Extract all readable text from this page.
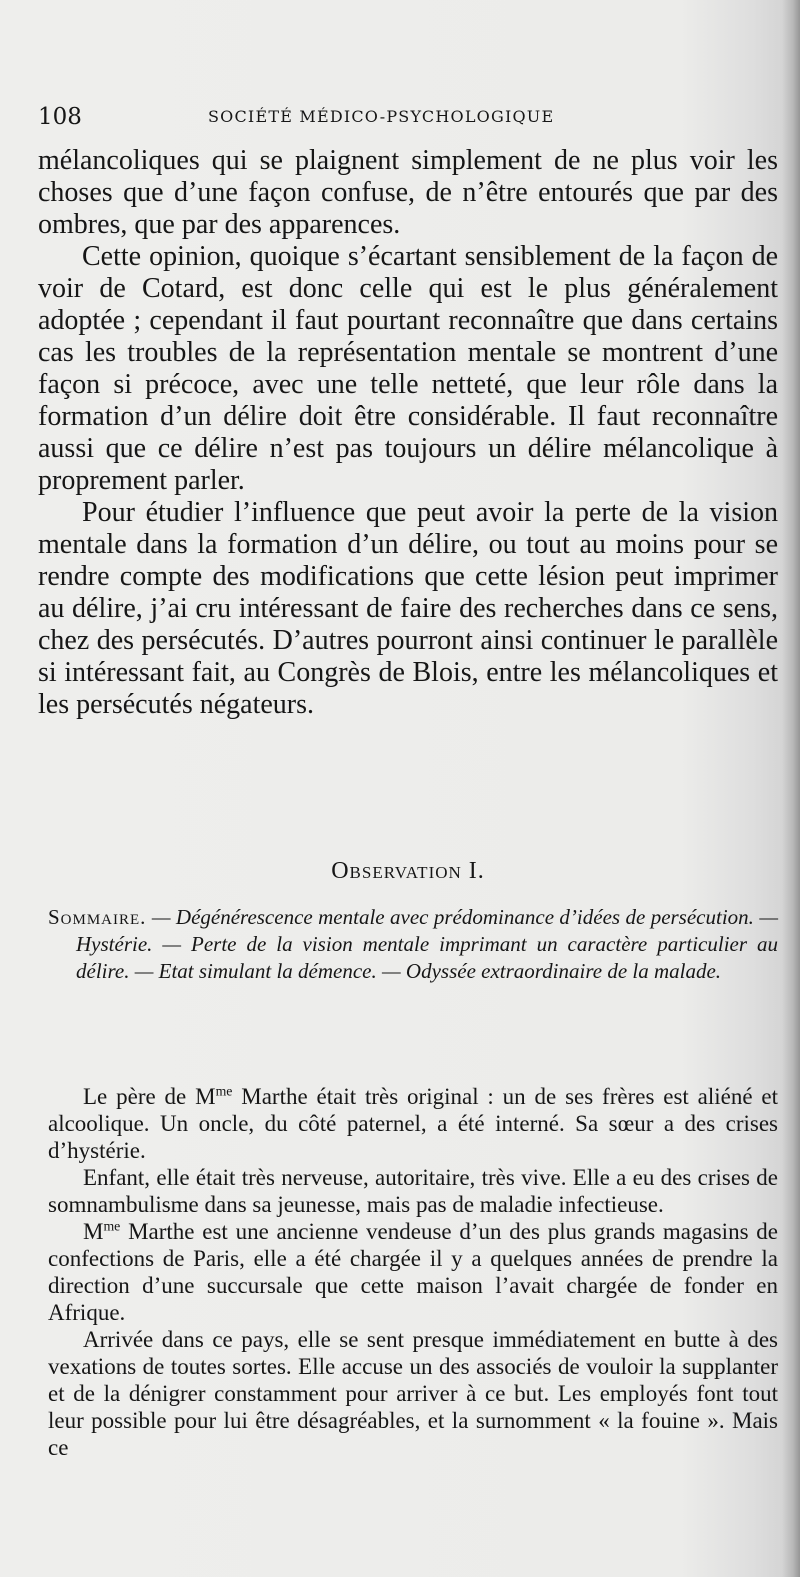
108	SOCIÉTÉ MÉDICO-PSYCHOLOGIQUE

mélancoliques qui se plaignent simplement de ne plus voir les choses que d’une façon confuse, de n’être entourés que par des ombres, que par des apparences.

Cette opinion, quoique s’écartant sensiblement de la façon de voir de Cotard, est donc celle qui est le plus généralement adoptée ; cependant il faut pourtant reconnaître que dans certains cas les troubles de la représentation mentale se montrent d’une façon si précoce, avec une telle netteté, que leur rôle dans la formation d’un délire doit être considérable. Il faut reconnaître aussi que ce délire n’est pas toujours un délire mélancolique à proprement parler.

Pour étudier l’influence que peut avoir la perte de la vision mentale dans la formation d’un délire, ou tout au moins pour se rendre compte des modifications que cette lésion peut imprimer au délire, j’ai cru intéressant de faire des recherches dans ce sens, chez des persécutés. D’autres pourront ainsi continuer le parallèle si intéressant fait, au Congrès de Blois, entre les mélancoliques et les persécutés négateurs.

Observation I.

Sommaire. — Dégénérescence mentale avec prédominance d’idées de persécution. — Hystérie. — Perte de la vision mentale imprimant un caractère particulier au délire. — Etat simulant la démence. — Odyssée extraordinaire de la malade.

Le père de $M^{me}$ Marthe était très original : un de ses frères est aliéné et alcoolique. Un oncle, du côté paternel, a été interné. Sa sœur a des crises d’hystérie.

Enfant, elle était très nerveuse, autoritaire, très vive. Elle a eu des crises de somnambulisme dans sa jeunesse, mais pas de maladie infectieuse.

$M^{me}$ Marthe est une ancienne vendeuse d’un des plus grands magasins de confections de Paris, elle a été chargée il y a quelques années de prendre la direction d’une succursale que cette maison l’avait chargée de fonder en Afrique.

Arrivée dans ce pays, elle se sent presque immédiatement en butte à des vexations de toutes sortes. Elle accuse un des associés de vouloir la supplanter et de la dénigrer constamment pour arriver à ce but. Les employés font tout leur possible pour lui être désagréables, et la surnomment « la fouine ». Mais ce
